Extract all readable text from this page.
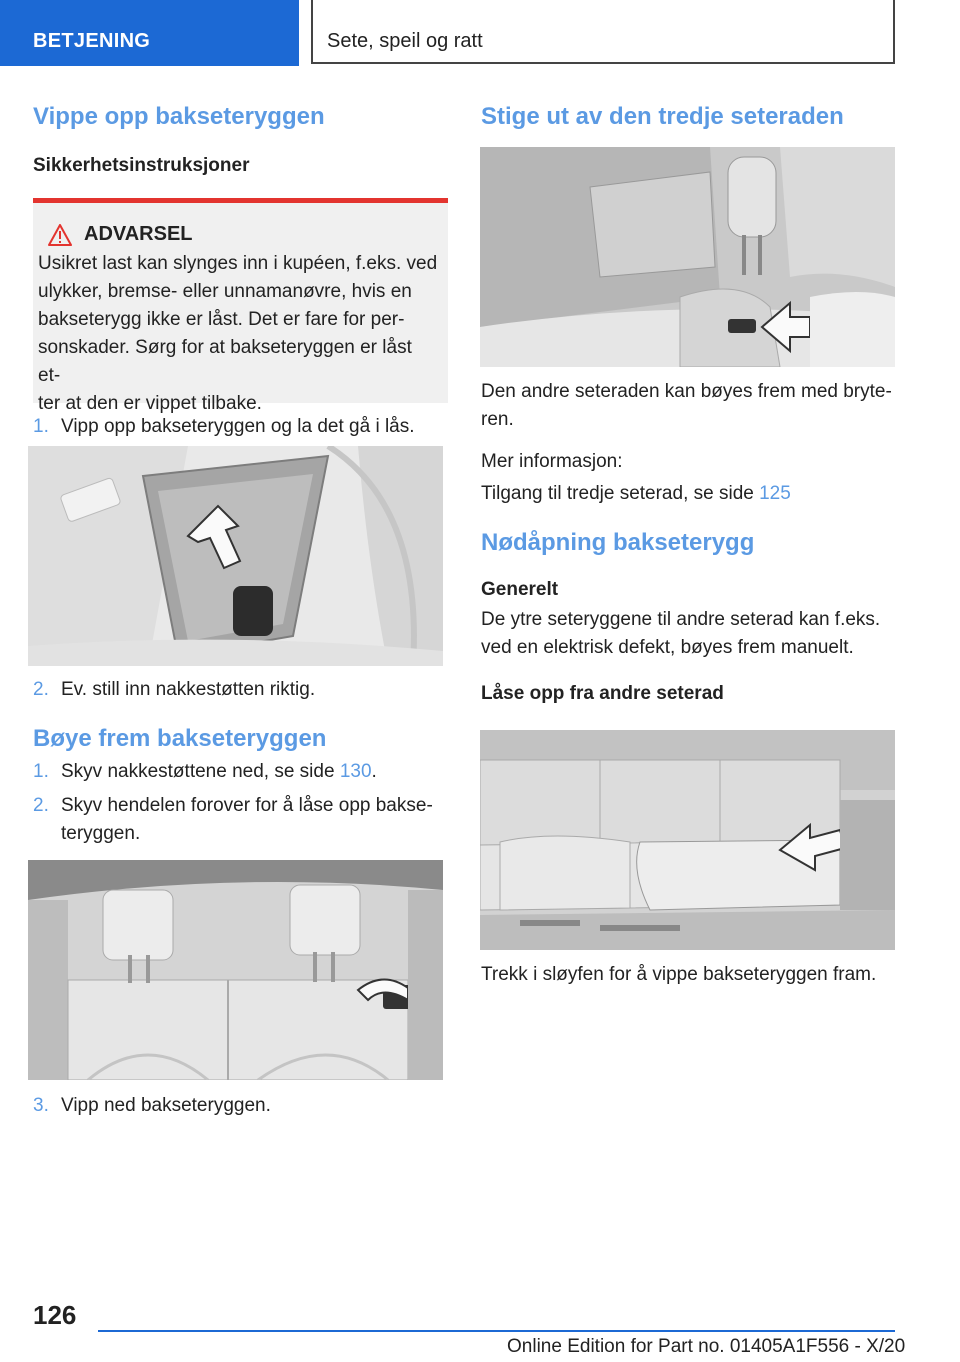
BETJENING	Sete, speil og ratt
Vippe opp bakseteryggen
Sikkerhetsinstruksjoner
ADVARSEL

Usikret last kan slynges inn i kupéen, f.eks. ved

ulykker, bremse- eller unnamanøvre, hvis en

bakseterygg ikke er låst. Det er fare for per-

sonskader. Sørg for at bakseteryggen er låst et-

ter at den er vippet tilbake.

1. Vipp opp bakseteryggen og la det gå i lås.
2. Ev. still inn nakkestøtten riktig.
Bøye frem bakseteryggen
1. Skyv nakkestøttene ned, se side 130.
2. Skyv hendelen forover for å låse opp bakse-
teryggen.
3. Vipp ned bakseteryggen.
Stige ut av den tredje seteraden

Den andre seteraden kan bøyes frem med bryte-
ren.

Mer informasjon:

Tilgang til tredje seterad, se side 125

Nødåpning bakseterygg
Generelt

De ytre seteryggene til andre seterad kan f.eks.
ved en elektrisk defekt, bøyes frem manuelt.

Låse opp fra andre seterad

Trekk i sløyfen for å vippe bakseteryggen fram.

126
Online Edition for Part no. 01405A1F556 - X/20
